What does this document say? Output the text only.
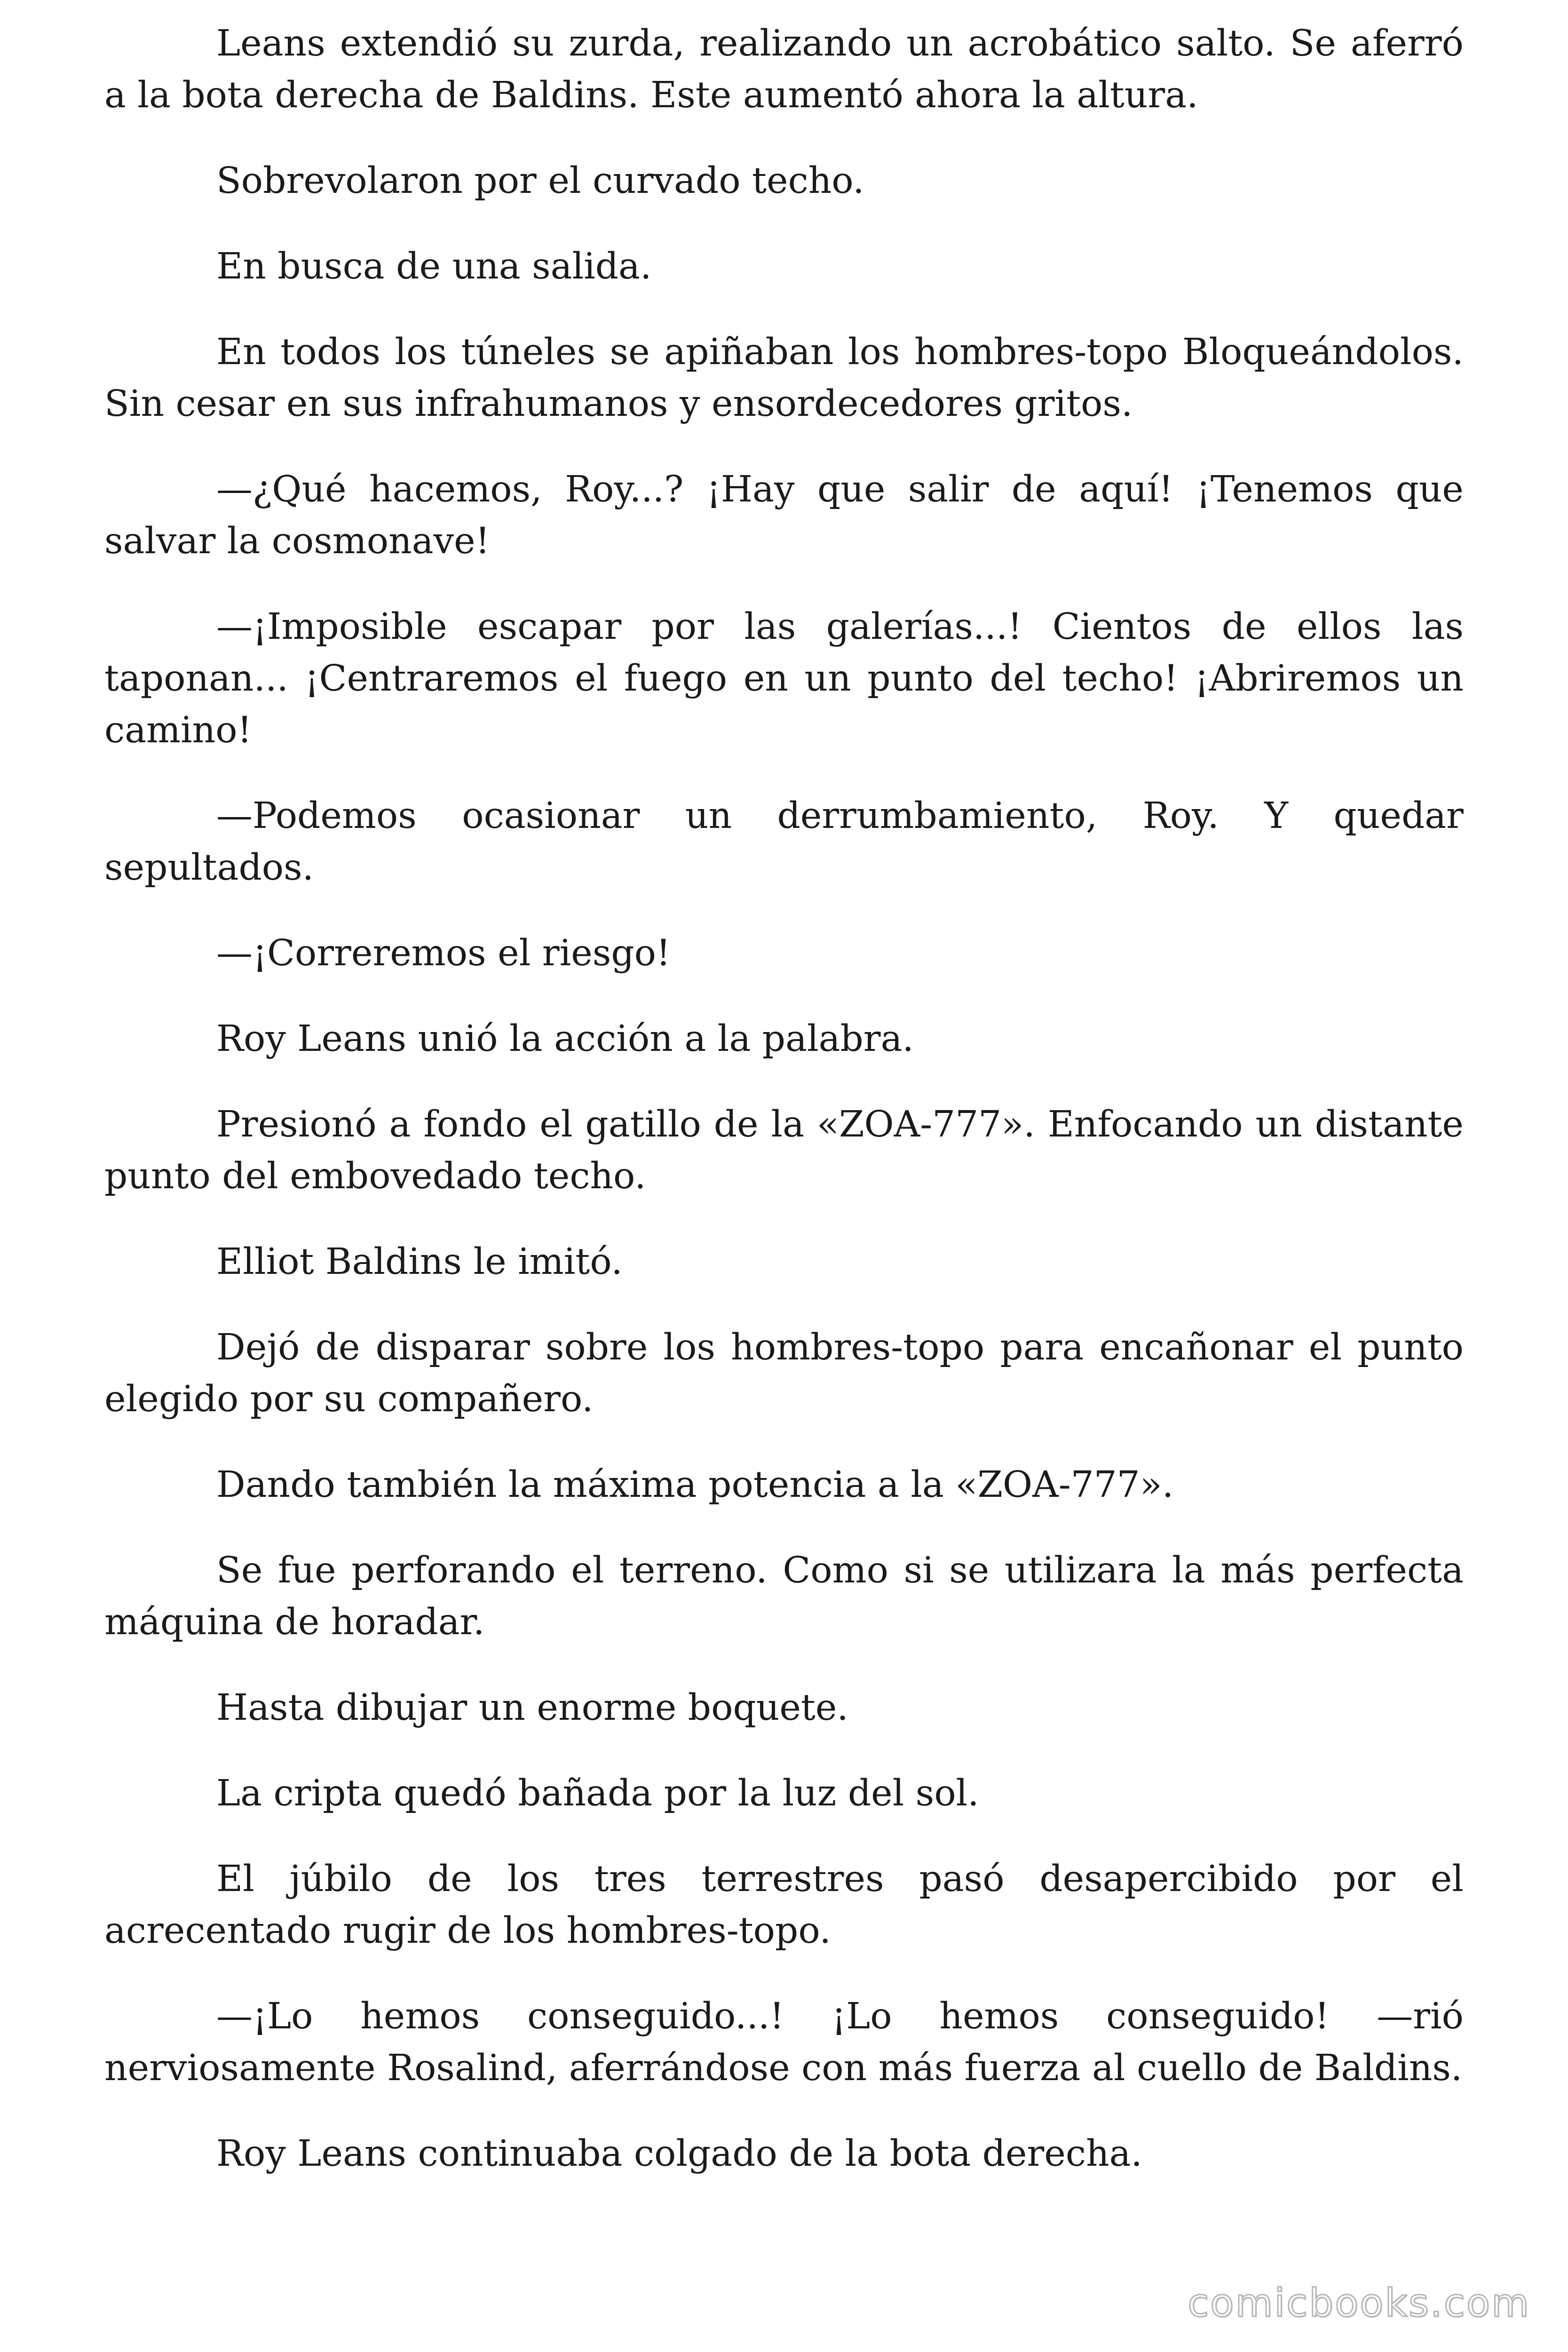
Leans extendió su zurda, realizando un acrobático salto. Se aferró a la bota derecha de Baldins. Este aumentó ahora la altura.

Sobrevolaron por el curvado techo.

En busca de una salida.

En todos los túneles se apiñaban los hombres-topo Bloqueándolos. Sin cesar en sus infrahumanos y ensordecedores gritos.

—¿Qué hacemos, Roy...? ¡Hay que salir de aquí! ¡Tenemos que salvar la cosmonave!

—¡Imposible escapar por las galerías...! Cientos de ellos las taponan... ¡Centraremos el fuego en un punto del techo! ¡Abriremos un camino!

—Podemos ocasionar un derrumbamiento, Roy. Y quedar sepultados.

—¡Correremos el riesgo!

Roy Leans unió la acción a la palabra.

Presionó a fondo el gatillo de la «ZOA-777». Enfocando un distante punto del embovedado techo.

Elliot Baldins le imitó.

Dejó de disparar sobre los hombres-topo para encañonar el punto elegido por su compañero.

Dando también la máxima potencia a la «ZOA-777».

Se fue perforando el terreno. Como si se utilizara la más perfecta máquina de horadar.

Hasta dibujar un enorme boquete.

La cripta quedó bañada por la luz del sol.

El júbilo de los tres terrestres pasó desapercibido por el acrecentado rugir de los hombres-topo.

—¡Lo hemos conseguido...! ¡Lo hemos conseguido! —rió nerviosamente Rosalind, aferrándose con más fuerza al cuello de Baldins.

Roy Leans continuaba colgado de la bota derecha.

comicbooks.com
